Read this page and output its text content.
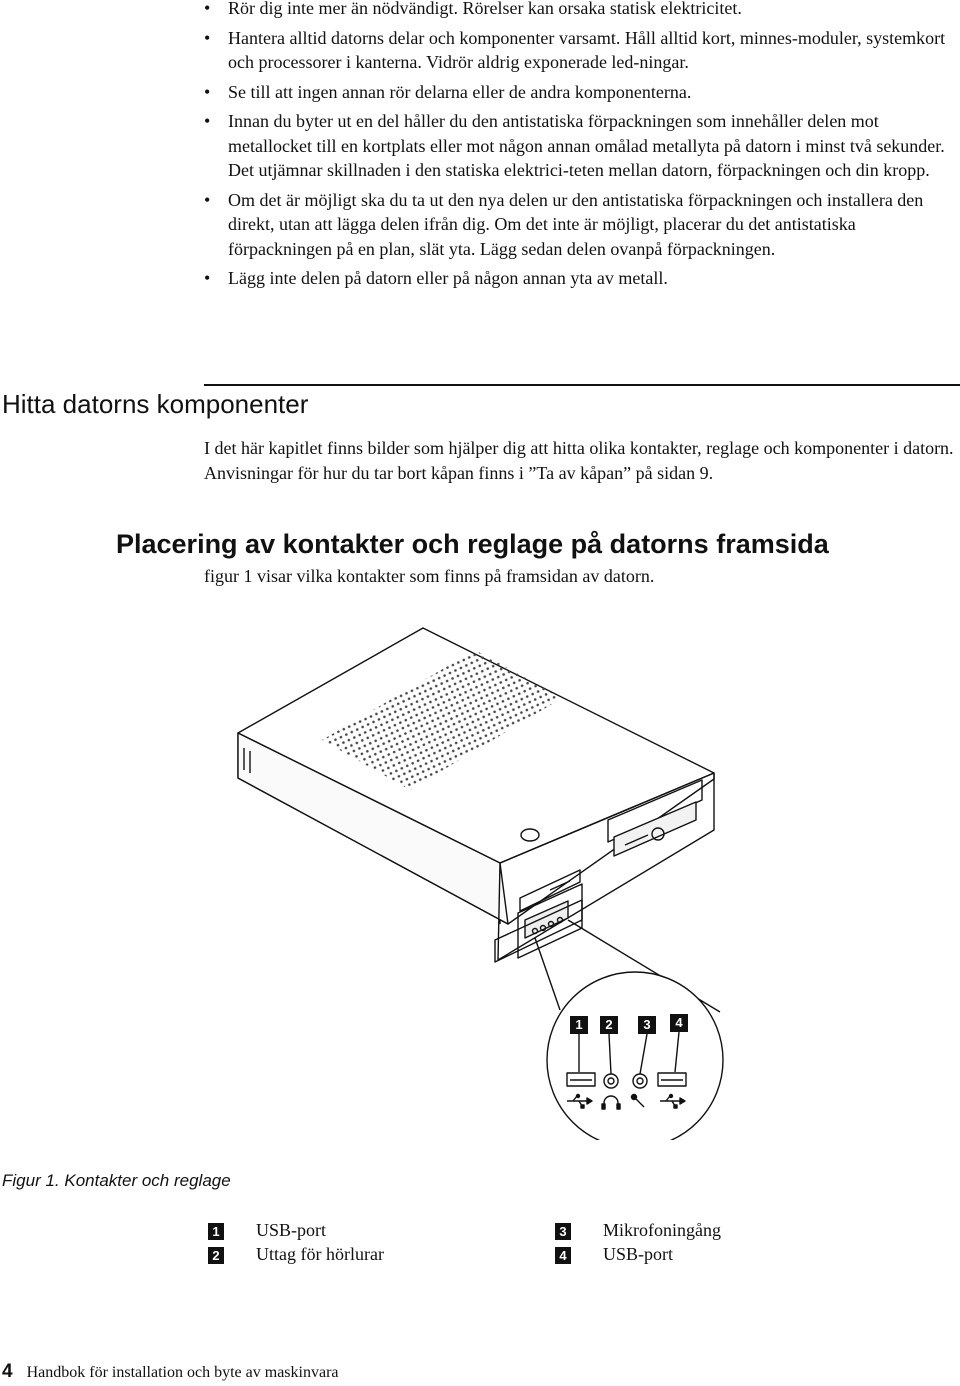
• Rör dig inte mer än nödvändigt. Rörelser kan orsaka statisk elektricitet.
• Hantera alltid datorns delar och komponenter varsamt. Håll alltid kort, minnes-moduler, systemkort och processorer i kanterna. Vidrör aldrig exponerade led-ningar.
• Se till att ingen annan rör delarna eller de andra komponenterna.
• Innan du byter ut en del håller du den antistatiska förpackningen som innehåller delen mot metallocket till en kortplats eller mot någon annan omålad metallyta på datorn i minst två sekunder. Det utjämnar skillnaden i den statiska elektrici-teten mellan datorn, förpackningen och din kropp.
• Om det är möjligt ska du ta ut den nya delen ur den antistatiska förpackningen och installera den direkt, utan att lägga delen ifrån dig. Om det inte är möjligt, placerar du det antistatiska förpackningen på en plan, slät yta. Lägg sedan delen ovanpå förpackningen.
• Lägg inte delen på datorn eller på någon annan yta av metall.
Hitta datorns komponenter

I det här kapitlet finns bilder som hjälper dig att hitta olika kontakter, reglage och komponenter i datorn. Anvisningar för hur du tar bort kåpan finns i ”Ta av kåpan” på sidan 9.

Placering av kontakter och reglage på datorns framsida

figur 1 visar vilka kontakter som finns på framsidan av datorn.

1 2 3 4

Figur 1. Kontakter och reglage

1 USB-port
2 Uttag för hörlurar
3 Mikrofoningång
4 USB-port
4 Handbok för installation och byte av maskinvara
